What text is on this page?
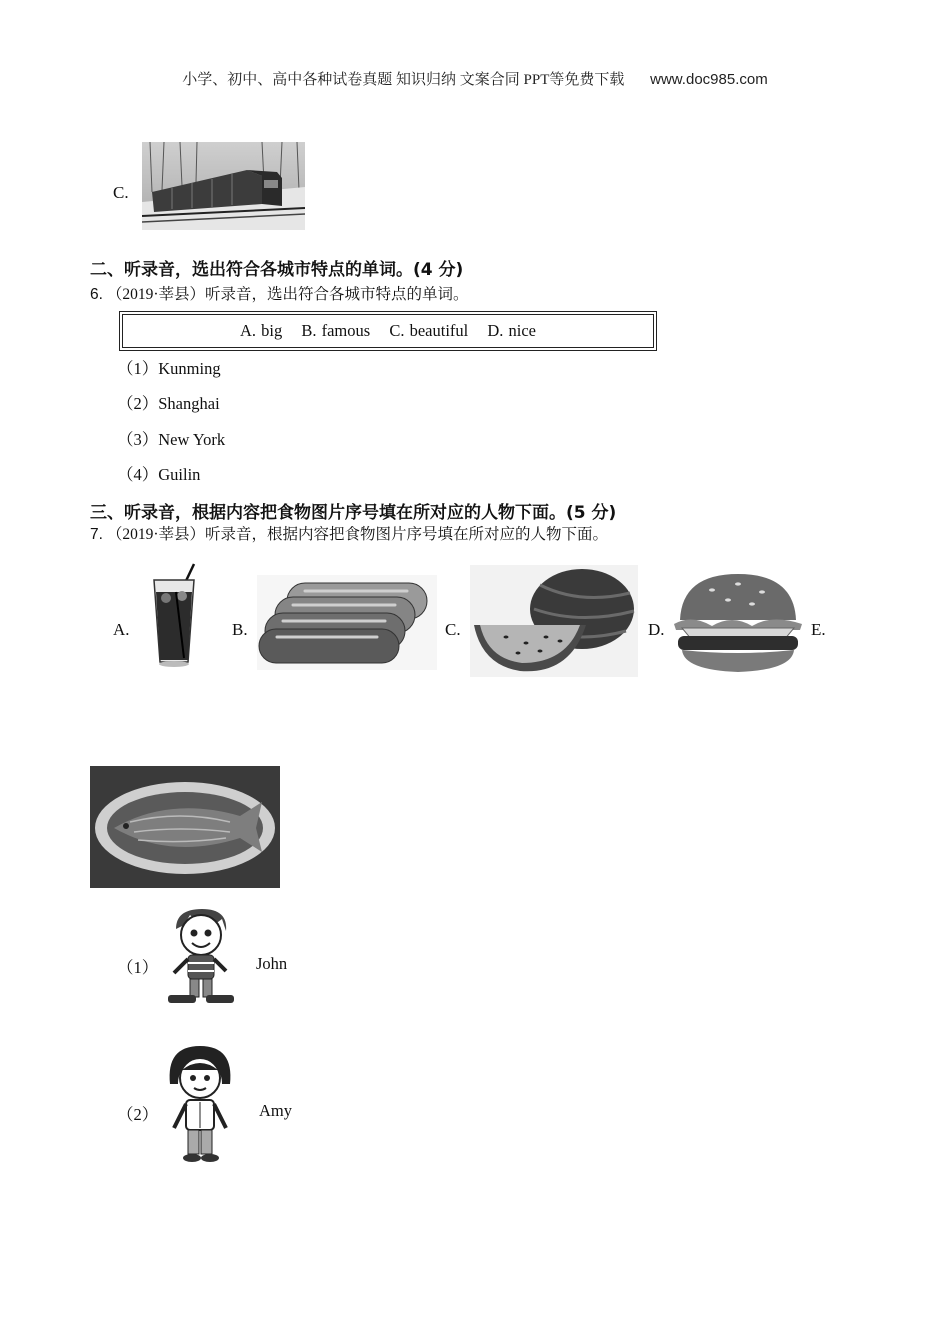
小学、初中、高中各种试卷真题 知识归纳 文案合同 PPT等免费下载 www.doc985.com
C.
二、听录音，选出符合各城市特点的单词。(4 分)
6. （2019·莘县）听录音，选出符合各城市特点的单词。
A. big B. famous C. beautiful D. nice
（1）Kunming
（2）Shanghai
（3）New York
（4）Guilin
三、听录音，根据内容把食物图片序号填在所对应的人物下面。(5 分)
7. （2019·莘县）听录音，根据内容把食物图片序号填在所对应的人物下面。
A.	B.	C.	D.	E.
（1）	John
（2）	Amy
